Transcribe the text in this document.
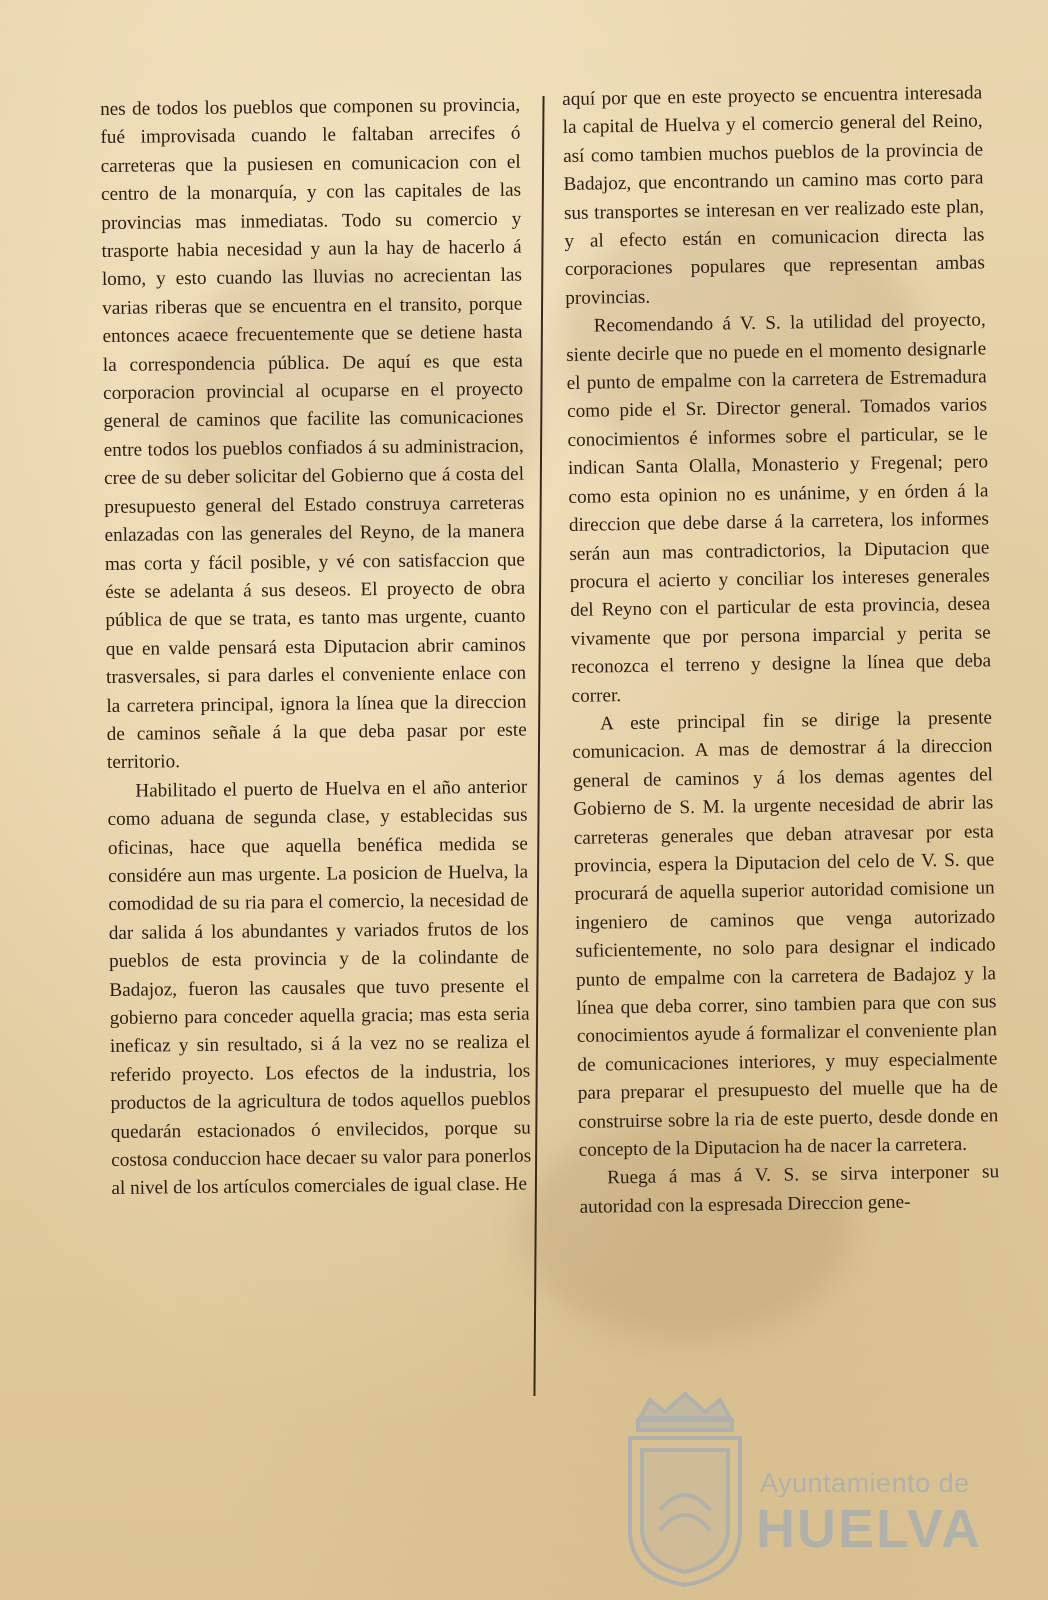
nes de todos los pueblos que componen su provincia, fué improvisada cuando le faltaban arrecifes ó carreteras que la pusiesen en comunicacion con el centro de la monarquía, y con las capitales de las provincias mas inmediatas. Todo su comercio y trasporte habia necesidad y aun la hay de hacerlo á lomo, y esto cuando las lluvias no acrecientan las varias riberas que se encuentra en el transito, porque entonces acaece frecuentemente que se detiene hasta la correspondencia pública. De aquí es que esta corporacion provincial al ocuparse en el proyecto general de caminos que facilite las comunicaciones entre todos los pueblos confiados á su administracion, cree de su deber solicitar del Gobierno que á costa del presupuesto general del Estado construya carreteras enlazadas con las generales del Reyno, de la manera mas corta y fácil posible, y vé con satisfaccion que éste se adelanta á sus deseos. El proyecto de obra pública de que se trata, es tanto mas urgente, cuanto que en valde pensará esta Diputacion abrir caminos trasversales, si para darles el conveniente enlace con la carretera principal, ignora la línea que la direccion de caminos señale á la que deba pasar por este territorio.

Habilitado el puerto de Huelva en el año anterior como aduana de segunda clase, y establecidas sus oficinas, hace que aquella benéfica medida se considére aun mas urgente. La posicion de Huelva, la comodidad de su ria para el comercio, la necesidad de dar salida á los abundantes y variados frutos de los pueblos de esta provincia y de la colindante de Badajoz, fueron las causales que tuvo presente el gobierno para conceder aquella gracia; mas esta seria ineficaz y sin resultado, si á la vez no se realiza el referido proyecto. Los efectos de la industria, los productos de la agricultura de todos aquellos pueblos quedarán estacionados ó envilecidos, porque su costosa conduccion hace decaer su valor para ponerlos al nivel de los artículos comerciales de igual clase. He

aquí por que en este proyecto se encuentra interesada la capital de Huelva y el comercio general del Reino, así como tambien muchos pueblos de la provincia de Badajoz, que encontrando un camino mas corto para sus transportes se interesan en ver realizado este plan, y al efecto están en comunicacion directa las corporaciones populares que representan ambas provincias.

Recomendando á V. S. la utilidad del proyecto, siente decirle que no puede en el momento designarle el punto de empalme con la carretera de Estremadura como pide el Sr. Director general. Tomados varios conocimientos é informes sobre el particular, se le indican Santa Olalla, Monasterio y Fregenal; pero como esta opinion no es unánime, y en órden á la direccion que debe darse á la carretera, los informes serán aun mas contradictorios, la Diputacion que procura el acierto y conciliar los intereses generales del Reyno con el particular de esta provincia, desea vivamente que por persona imparcial y perita se reconozca el terreno y designe la línea que deba correr.

A este principal fin se dirige la presente comunicacion. A mas de demostrar á la direccion general de caminos y á los demas agentes del Gobierno de S. M. la urgente necesidad de abrir las carreteras generales que deban atravesar por esta provincia, espera la Diputacion del celo de V. S. que procurará de aquella superior autoridad comisione un ingeniero de caminos que venga autorizado suficientemente, no solo para designar el indicado punto de empalme con la carretera de Badajoz y la línea que deba correr, sino tambien para que con sus conocimientos ayude á formalizar el conveniente plan de comunicaciones interiores, y muy especialmente para preparar el presupuesto del muelle que ha de construirse sobre la ria de este puerto, desde donde en concepto de la Diputacion ha de nacer la carretera.

Ruega á mas á V. S. se sirva interponer su autoridad con la espresada Direccion gene-

Ayuntamiento de
HUELVA
